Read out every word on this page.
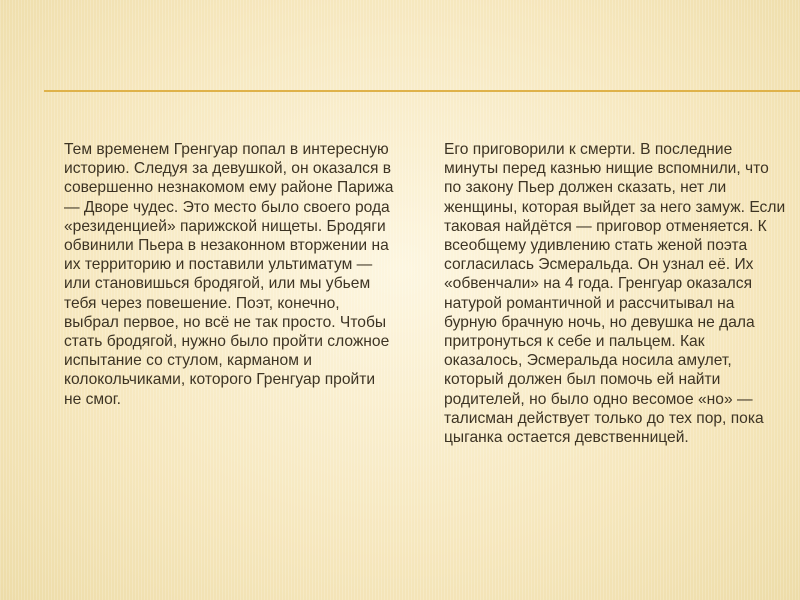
Тем временем Гренгуар попал в интересную историю. Следуя за девушкой, он оказался в совершенно незнакомом ему районе Парижа — Дворе чудес. Это место было своего рода «резиденцией» парижской нищеты. Бродяги обвинили Пьера в незаконном вторжении на их территорию и поставили ультиматум — или становишься бродягой, или мы убьем тебя через повешение. Поэт, конечно, выбрал первое, но всё не так просто. Чтобы стать бродягой, нужно было пройти сложное испытание со стулом, карманом и колокольчиками, которого Гренгуар пройти не смог.

Его приговорили к смерти. В последние минуты перед казнью нищие вспомнили, что по закону Пьер должен сказать, нет ли женщины, которая выйдет за него замуж. Если таковая найдётся — приговор отменяется. К всеобщему удивлению стать женой поэта согласилась Эсмеральда. Он узнал её. Их «обвенчали» на 4 года. Гренгуар оказался натурой романтичной и рассчитывал на бурную брачную ночь, но девушка не дала притронуться к себе и пальцем. Как оказалось, Эсмеральда носила амулет, который должен был помочь ей найти родителей, но было одно весомое «но» — талисман действует только до тех пор, пока цыганка остается девственницей.
